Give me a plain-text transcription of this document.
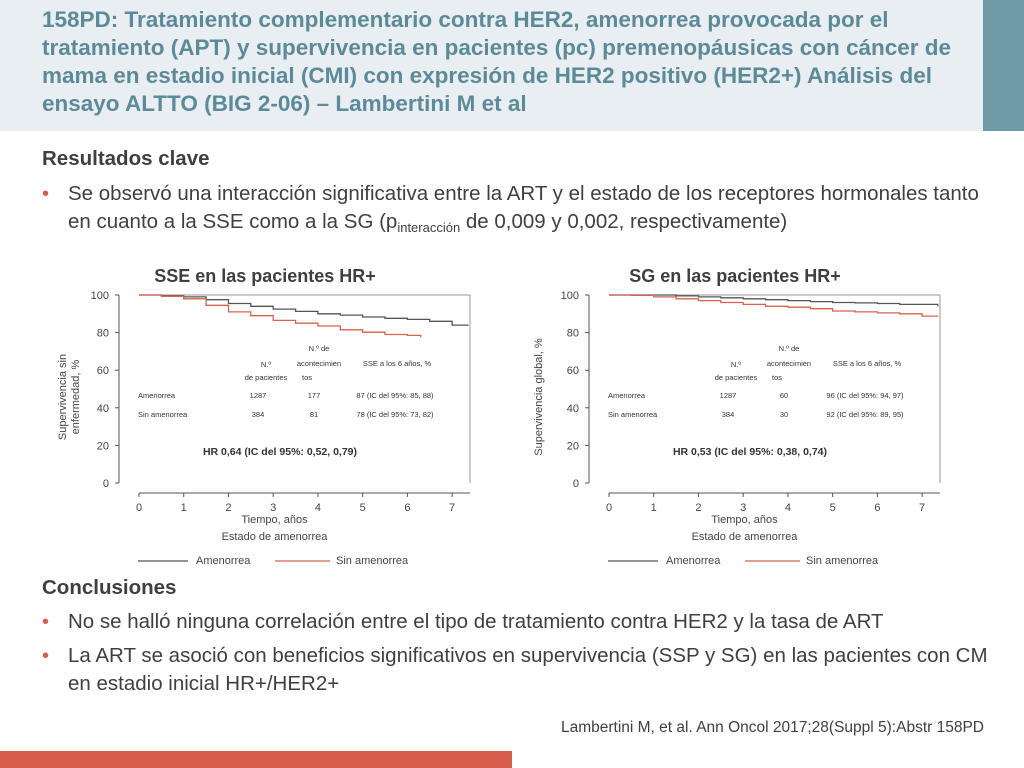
158PD: Tratamiento complementario contra HER2, amenorrea provocada por el tratamiento (APT) y supervivencia en pacientes (pc) premenopáusicas con cáncer de mama en estadio inicial (CMI) con expresión de HER2 positivo (HER2+) Análisis del ensayo ALTTO (BIG 2-06) – Lambertini M et al
Resultados clave
• Se observó una interacción significativa entre la ART y el estado de los receptores hormonales tanto en cuanto a la SSE como a la SG ($p_{interacción}$ de 0,009 y 0,002, respectivamente)
SSE en las pacientes HR+
0
20
40
60
80
100
0	1	2	3	4	5	6	7
Tiempo, años
Supervivencia sin enfermedad, %	N.º
de pacientes
N.º de
acontecimien
tos
SSE a los 6 años, %
Amenorrea	1287	177	87 (IC del 95%: 85, 88)
Sin amenorrea	384	81	78 (IC del 95%: 73, 82)
HR 0,64 (IC del 95%: 0,52, 0,79)
Estado de amenorrea
Amenorrea	Sin amenorrea
SG en las pacientes HR+
0
20
40
60
80
100
0	1	2	3	4	5	6	7
Tiempo, años
Supervivencia global, %	N.º
de pacientes
N.º de
acontecimien
tos
SSE a los 6 años, %
Amenorrea	1287	60	96 (IC del 95%: 94, 97)
Sin amenorrea	384	30	92 (IC del 95%: 89, 95)
HR 0,53 (IC del 95%: 0,38, 0,74)
Estado de amenorrea
Amenorrea	Sin amenorrea
Conclusiones
• No se halló ninguna correlación entre el tipo de tratamiento contra HER2 y la tasa de ART
• La ART se asoció con beneficios significativos en supervivencia (SSP y SG) en las pacientes con CM en estadio inicial HR+/HER2+
Lambertini M, et al. Ann Oncol 2017;28(Suppl 5):Abstr 158PD
